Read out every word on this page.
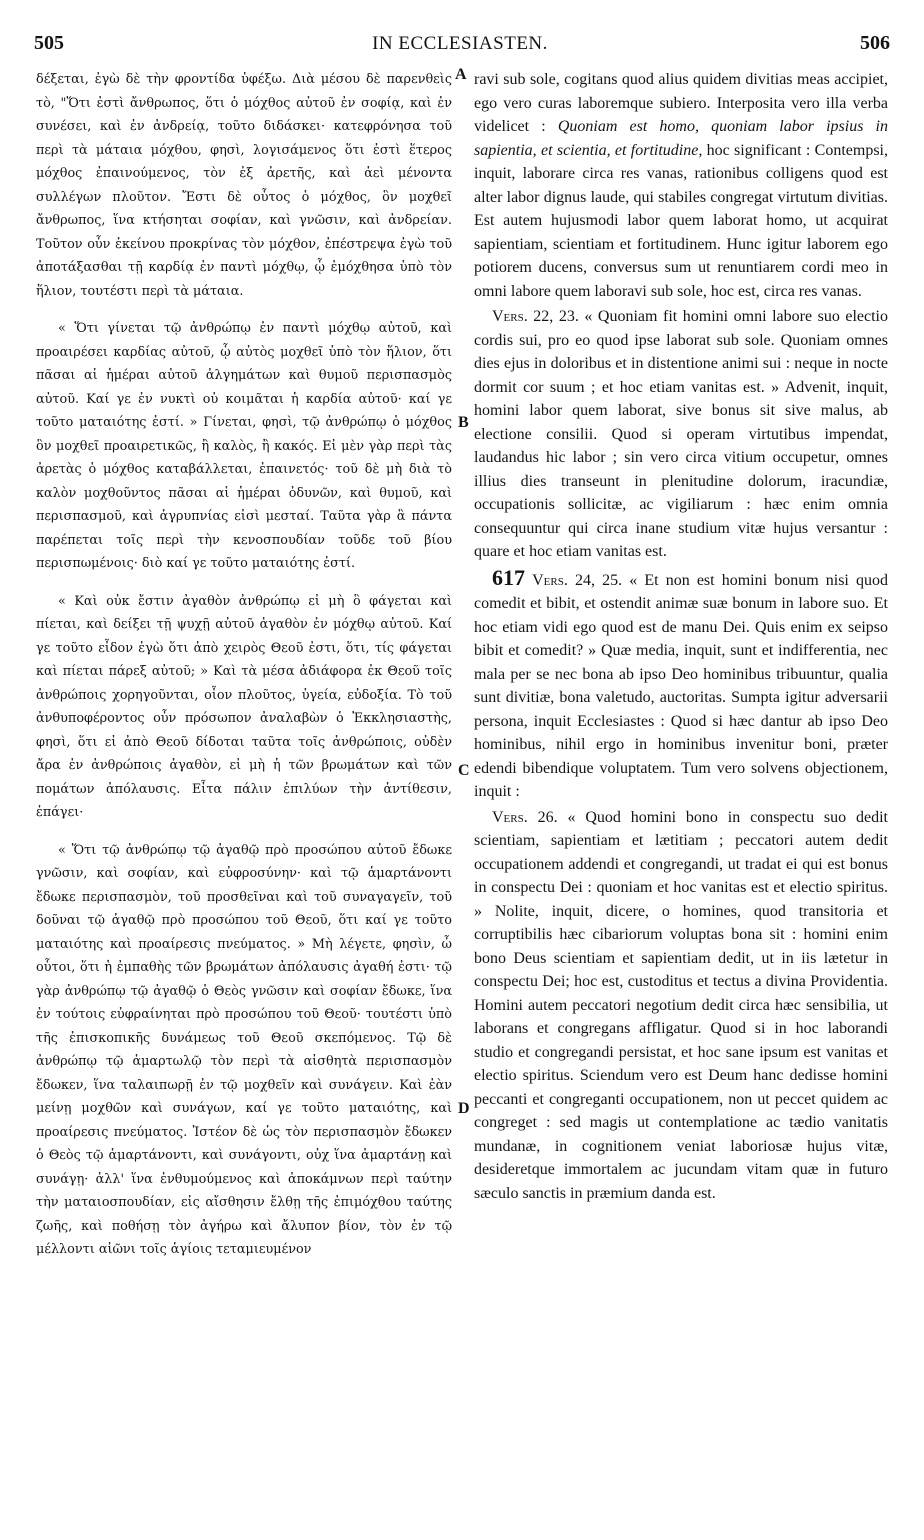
505	IN ECCLESIASTEN.	506

δέξεται, ἐγὼ δὲ τὴν φροντίδα ὑφέξω. Διὰ μέσου δὲ παρενθεὶς τὸ, "Ὅτι ἐστὶ ἄνθρωπος, ὅτι ὁ μόχθος αὐτοῦ ἐν σοφίᾳ, καὶ ἐν συνέσει, καὶ ἐν ἀνδρείᾳ, τοῦτο διδάσκει· κατεφρόνησα τοῦ περὶ τὰ μάταια μόχθου, φησὶ, λογισάμενος ὅτι ἐστὶ ἕτερος μόχθος ἐπαινούμενος, τὸν ἐξ ἀρετῆς, καὶ ἀεὶ μένοντα συλλέγων πλοῦτον. Ἔστι δὲ οὗτος ὁ μόχθος, ὃν μοχθεῖ ἄνθρωπος, ἵνα κτήσηται σοφίαν, καὶ γνῶσιν, καὶ ἀνδρείαν. Τοῦτον οὖν ἐκείνου προκρίνας τὸν μόχθον, ἐπέστρεψα ἐγὼ τοῦ ἀποτάξασθαι τῇ καρδίᾳ ἐν παντὶ μόχθῳ, ᾧ ἐμόχθησα ὑπὸ τὸν ἥλιον, τουτέστι περὶ τὰ μάταια.

« Ὅτι γίνεται τῷ ἀνθρώπῳ ἐν παντὶ μόχθῳ αὐτοῦ, καὶ προαιρέσει καρδίας αὐτοῦ, ᾧ αὐτὸς μοχθεῖ ὑπὸ τὸν ἥλιον, ὅτι πᾶσαι αἱ ἡμέραι αὐτοῦ ἀλγημάτων καὶ θυμοῦ περισπασμὸς αὐτοῦ. Καί γε ἐν νυκτὶ οὐ κοιμᾶται ἡ καρδία αὐτοῦ· καί γε τοῦτο ματαιότης ἐστί. » Γίνεται, φησὶ, τῷ ἀνθρώπῳ ὁ μόχθος ὃν μοχθεῖ προαιρετικῶς, ἢ καλὸς, ἢ κακός. Εἰ μὲν γὰρ περὶ τὰς ἀρετὰς ὁ μόχθος καταβάλλεται, ἐπαινετός· τοῦ δὲ μὴ διὰ τὸ καλὸν μοχθοῦντος πᾶσαι αἱ ἡμέραι ὀδυνῶν, καὶ θυμοῦ, καὶ περισπασμοῦ, καὶ ἀγρυπνίας εἰσὶ μεσταί. Ταῦτα γὰρ ἃ πάντα παρέπεται τοῖς περὶ τὴν κενοσπουδίαν τοῦδε τοῦ βίου περισπωμένοις· διὸ καί γε τοῦτο ματαιότης ἐστί.

« Καὶ οὐκ ἔστιν ἀγαθὸν ἀνθρώπῳ εἰ μὴ ὃ φάγεται καὶ πίεται, καὶ δείξει τῇ ψυχῇ αὐτοῦ ἀγαθὸν ἐν μόχθῳ αὐτοῦ. Καί γε τοῦτο εἶδον ἐγὼ ὅτι ἀπὸ χειρὸς Θεοῦ ἐστι, ὅτι, τίς φάγεται καὶ πίεται πάρεξ αὐτοῦ; » Καὶ τὰ μέσα ἀδιάφορα ἐκ Θεοῦ τοῖς ἀνθρώποις χορηγοῦνται, οἷον πλοῦτος, ὑγεία, εὐδοξία. Τὸ τοῦ ἀνθυποφέροντος οὖν πρόσωπον ἀναλαβὼν ὁ Ἐκκλησιαστὴς, φησὶ, ὅτι εἰ ἀπὸ Θεοῦ δίδοται ταῦτα τοῖς ἀνθρώποις, οὐδὲν ἄρα ἐν ἀνθρώποις ἀγαθὸν, εἰ μὴ ἡ τῶν βρωμάτων καὶ τῶν πομάτων ἀπόλαυσις. Εἶτα πάλιν ἐπιλύων τὴν ἀντίθεσιν, ἐπάγει·

« Ὅτι τῷ ἀνθρώπῳ τῷ ἀγαθῷ πρὸ προσώπου αὐτοῦ ἔδωκε γνῶσιν, καὶ σοφίαν, καὶ εὐφροσύνην· καὶ τῷ ἁμαρτάνοντι ἔδωκε περισπασμὸν, τοῦ προσθεῖναι καὶ τοῦ συναγαγεῖν, τοῦ δοῦναι τῷ ἀγαθῷ πρὸ προσώπου τοῦ Θεοῦ, ὅτι καί γε τοῦτο ματαιότης καὶ προαίρεσις πνεύματος. » Μὴ λέγετε, φησὶν, ὦ οὗτοι, ὅτι ἡ ἐμπαθὴς τῶν βρωμάτων ἀπόλαυσις ἀγαθή ἐστι· τῷ γὰρ ἀνθρώπῳ τῷ ἀγαθῷ ὁ Θεὸς γνῶσιν καὶ σοφίαν ἔδωκε, ἵνα ἐν τούτοις εὐφραίνηται πρὸ προσώπου τοῦ Θεοῦ· τουτέστι ὑπὸ τῆς ἐπισκοπικῆς δυνάμεως τοῦ Θεοῦ σκεπόμενος. Τῷ δὲ ἀνθρώπῳ τῷ ἁμαρτωλῷ τὸν περὶ τὰ αἰσθητὰ περισπασμὸν ἔδωκεν, ἵνα ταλαιπωρῇ ἐν τῷ μοχθεῖν καὶ συνάγειν. Καὶ ἐὰν μείνῃ μοχθῶν καὶ συνάγων, καί γε τοῦτο ματαιότης, καὶ προαίρεσις πνεύματος. Ἰστέον δὲ ὡς τὸν περισπασμὸν ἔδωκεν ὁ Θεὸς τῷ ἁμαρτάνοντι, καὶ συνάγοντι, οὐχ ἵνα ἁμαρτάνῃ καὶ συνάγῃ· ἀλλ' ἵνα ἐνθυμούμενος καὶ ἀποκάμνων περὶ ταύτην τὴν ματαιοσπουδίαν, εἰς αἴσθησιν ἔλθῃ τῆς ἐπιμόχθου ταύτης ζωῆς, καὶ ποθήσῃ τὸν ἀγήρω καὶ ἄλυπον βίον, τὸν ἐν τῷ μέλλοντι αἰῶνι τοῖς ἁγίοις τεταμιευμένον

A
B
C
D

ravi sub sole, cogitans quod alius quidem divitias meas accipiet, ego vero curas laboremque subiero. Interposita vero illa verba videlicet : Quoniam est homo, quoniam labor ipsius in sapientia, et scientia, et fortitudine, hoc significant : Contempsi, inquit, laborare circa res vanas, rationibus colligens quod est alter labor dignus laude, qui stabiles congregat virtutum divitias. Est autem hujusmodi labor quem laborat homo, ut acquirat sapientiam, scientiam et fortitudinem. Hunc igitur laborem ego potiorem ducens, conversus sum ut renuntiarem cordi meo in omni labore quem laboravi sub sole, hoc est, circa res vanas.

Vers. 22, 23. « Quoniam fit homini omni labore suo electio cordis sui, pro eo quod ipse laborat sub sole. Quoniam omnes dies ejus in doloribus et in distentione animi sui : neque in nocte dormit cor suum ; et hoc etiam vanitas est. » Advenit, inquit, homini labor quem laborat, sive bonus sit sive malus, ab electione consilii. Quod si operam virtutibus impendat, laudandus hic labor ; sin vero circa vitium occupetur, omnes illius dies transeunt in plenitudine dolorum, iracundiæ, occupationis sollicitæ, ac vigiliarum : hæc enim omnia consequuntur qui circa inane studium vitæ hujus versantur : quare et hoc etiam vanitas est.

617 Vers. 24, 25. « Et non est homini bonum nisi quod comedit et bibit, et ostendit animæ suæ bonum in labore suo. Et hoc etiam vidi ego quod est de manu Dei. Quis enim ex seipso bibit et comedit? » Quæ media, inquit, sunt et indifferentia, nec mala per se nec bona ab ipso Deo hominibus tribuuntur, qualia sunt divitiæ, bona valetudo, auctoritas. Sumpta igitur adversarii persona, inquit Ecclesiastes : Quod si hæc dantur ab ipso Deo hominibus, nihil ergo in hominibus invenitur boni, præter edendi bibendique voluptatem. Tum vero solvens objectionem, inquit :

Vers. 26. « Quod homini bono in conspectu suo dedit scientiam, sapientiam et lætitiam ; peccatori autem dedit occupationem addendi et congregandi, ut tradat ei qui est bonus in conspectu Dei : quoniam et hoc vanitas est et electio spiritus. » Nolite, inquit, dicere, o homines, quod transitoria et corruptibilis hæc cibariorum voluptas bona sit : homini enim bono Deus scientiam et sapientiam dedit, ut in iis lætetur in conspectu Dei; hoc est, custoditus et tectus a divina Providentia. Homini autem peccatori negotium dedit circa hæc sensibilia, ut laborans et congregans affligatur. Quod si in hoc laborandi studio et congregandi persistat, et hoc sane ipsum est vanitas et electio spiritus. Sciendum vero est Deum hanc dedisse homini peccanti et congreganti occupationem, non ut peccet quidem ac congreget : sed magis ut contemplatione ac tædio vanitatis mundanæ, in cognitionem veniat laboriosæ hujus vitæ, desideretque immortalem ac jucundam vitam quæ in futuro sæculo sanctis in præmium danda est.
